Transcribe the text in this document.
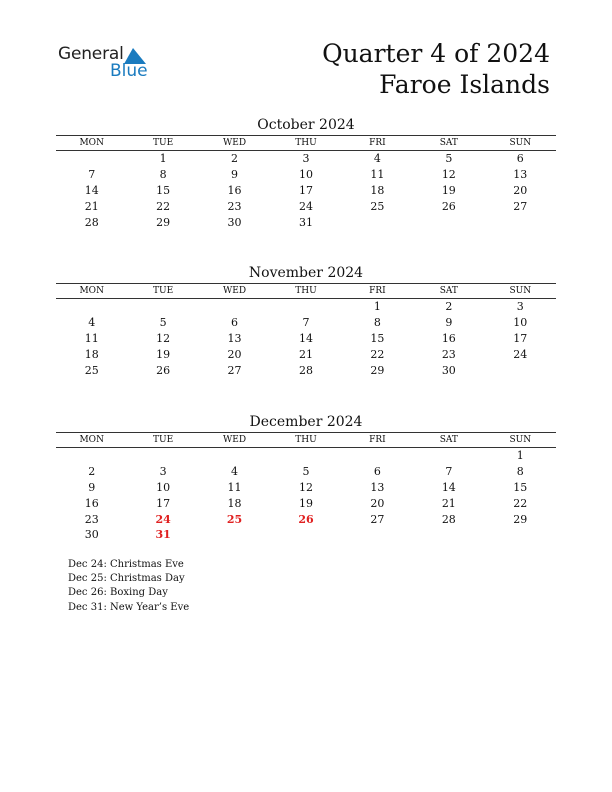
General
Blue
Quarter 4 of 2024
Faroe Islands
October 2024
MON	TUE	WED	THU	FRI	SAT	SUN
	1	2	3	4	5	6
7	8	9	10	11	12	13
14	15	16	17	18	19	20
21	22	23	24	25	26	27
28	29	30	31			
November 2024
MON	TUE	WED	THU	FRI	SAT	SUN
				1	2	3
4	5	6	7	8	9	10
11	12	13	14	15	16	17
18	19	20	21	22	23	24
25	26	27	28	29	30	
December 2024
MON	TUE	WED	THU	FRI	SAT	SUN
						1
2	3	4	5	6	7	8
9	10	11	12	13	14	15
16	17	18	19	20	21	22
23	24	25	26	27	28	29
30	31					
Dec 24: Christmas Eve
Dec 25: Christmas Day
Dec 26: Boxing Day
Dec 31: New Year’s Eve
